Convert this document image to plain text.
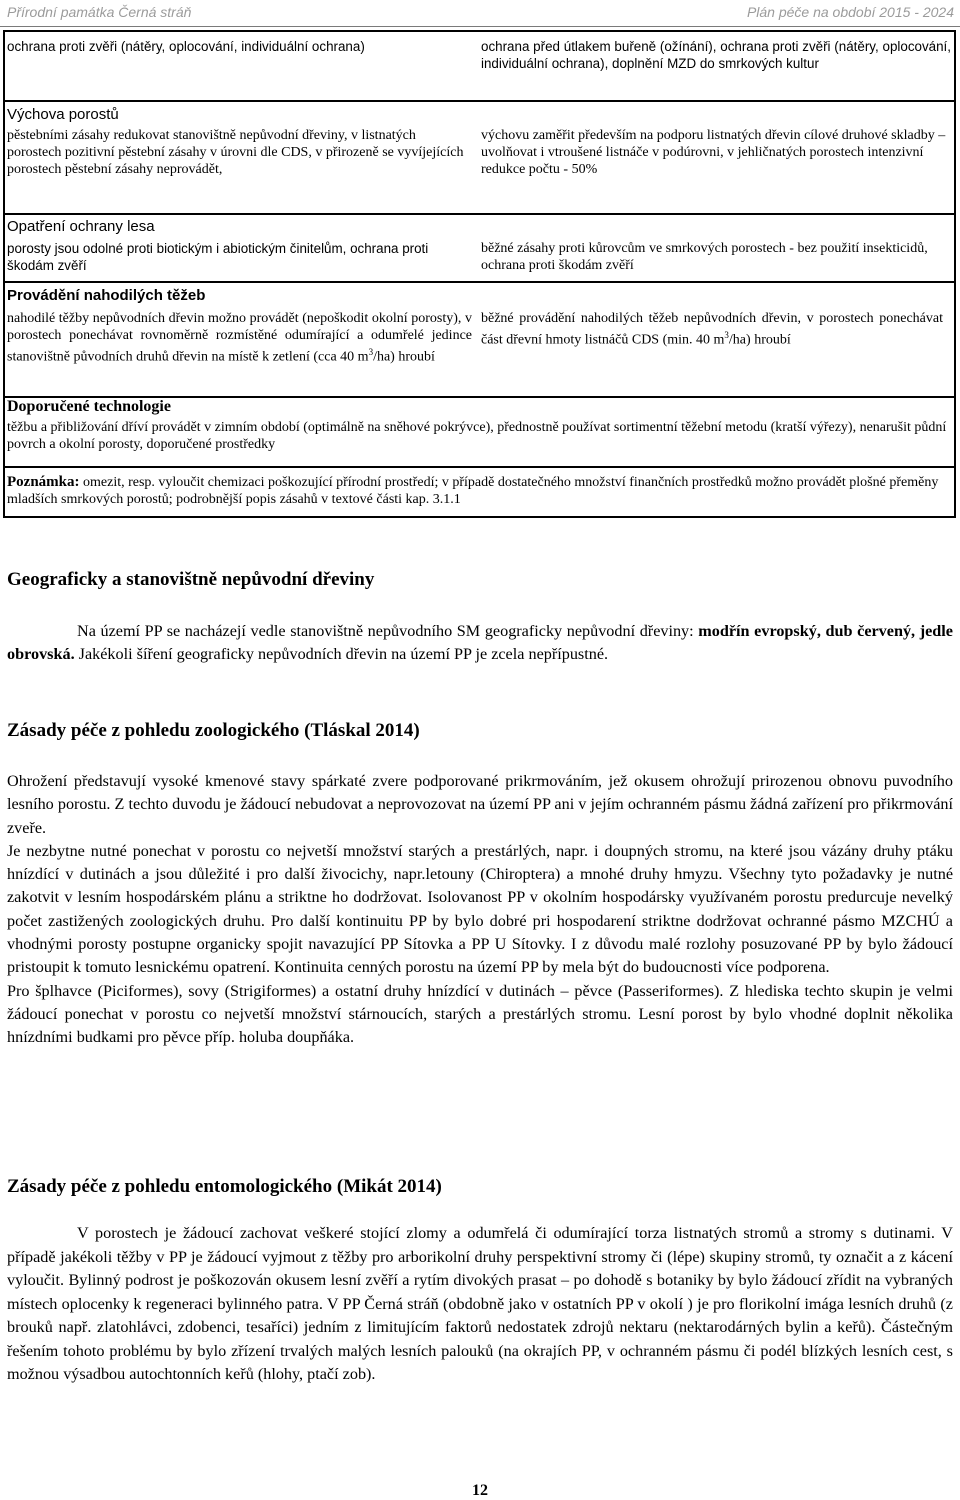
Přírodní památka Černá stráň	Plán péče na období 2015 - 2024
ochrana proti zvěři (nátěry, oplocování, individuální ochrana)	ochrana před útlakem buřeně (ožínání), ochrana proti zvěři (nátěry, oplocování, individuální ochrana), doplnění MZD do smrkových kultur
Výchova porostů
pěstebními zásahy redukovat stanovištně nepůvodní dřeviny, v listnatých porostech pozitivní pěstební zásahy v úrovni dle CDS, v přirozeně se vyvíjejících porostech pěstební zásahy neprovádět,
výchovu zaměřit především na podporu listnatých dřevin cílové druhové skladby – uvolňovat i vtroušené listnáče v podúrovni, v jehličnatých porostech intenzivní redukce počtu - 50%
Opatření ochrany lesa
porosty jsou odolné proti biotickým i abiotickým činitelům, ochrana proti škodám zvěří
běžné zásahy proti kůrovcům ve smrkových porostech - bez použití insekticidů, ochrana proti škodám zvěří
Provádění nahodilých těžeb
nahodilé těžby nepůvodních dřevin možno provádět (nepoškodit okolní porosty), v porostech ponechávat rovnoměrně rozmístěné odumírající a odumřelé jedince stanovištně původních druhů dřevin na místě k zetlení (cca 40 $m^3/ha$) hroubí
běžné provádění nahodilých těžeb nepůvodních dřevin, v porostech ponechávat část dřevní hmoty listnáčů CDS (min. 40 $m^3/ha$) hroubí
Doporučené technologie
těžbu a přibližování dříví provádět v zimním období (optimálně na sněhové pokrývce), přednostně používat sortimentní těžební metodu (kratší výřezy), nenarušit půdní povrch a okolní porosty, doporučené prostředky
Poznámka: omezit, resp. vyloučit chemizaci poškozující přírodní prostředí; v případě dostatečného množství finančních prostředků možno provádět plošné přeměny mladších smrkových porostů; podrobnější popis zásahů v textové části kap. 3.1.1
Geograficky a stanovištně nepůvodní dřeviny

Na území PP se nacházejí vedle stanovištně nepůvodního SM geograficky nepůvodní dřeviny: modřín evropský, dub červený, jedle obrovská. Jakékoli šíření geograficky nepůvodních dřevin na území PP je zcela nepřípustné.

Zásady péče z pohledu zoologického (Tláskal 2014)

Ohrožení představují vysoké kmenové stavy spárkaté zvere podporované prikrmováním, jež okusem ohrožují prirozenou obnovu puvodního lesního porostu. Z techto duvodu je žádoucí nebudovat a neprovozovat na území PP ani v jejím ochranném pásmu žádná zařízení pro přikrmování zveře.

Je nezbytne nutné ponechat v porostu co nejvetší množství starých a prestárlých, napr. i doupných stromu, na které jsou vázány druhy ptáku hnízdící v dutinách a jsou důležité i pro další živocichy, napr.letouny (Chiroptera) a mnohé druhy hmyzu. Všechny tyto požadavky je nutné zakotvit v lesním hospodárském plánu a striktne ho dodržovat. Isolovanost PP v okolním hospodársky využívaném porostu predurcuje nevelký počet zastižených zoologických druhu. Pro další kontinuitu PP by bylo dobré pri hospodarení striktne dodržovat ochranné pásmo MZCHÚ a vhodnými porosty postupne organicky spojit navazující PP Sítovka a PP U Sítovky. I z důvodu malé rozlohy posuzované PP by bylo žádoucí pristoupit k tomuto lesnickému opatrení. Kontinuita cenných porostu na území PP by mela být do budoucnosti více podporena.

Pro šplhavce (Piciformes), sovy (Strigiformes) a ostatní druhy hnízdící v dutinách – pěvce (Passeriformes). Z hlediska techto skupin je velmi žádoucí ponechat v porostu co nejvetší množství stárnoucích, starých a prestárlých stromu. Lesní porost by bylo vhodné doplnit několika hnízdními budkami pro pěvce příp. holuba doupňáka.

Zásady péče z pohledu entomologického (Mikát 2014)

V porostech je žádoucí zachovat veškeré stojící zlomy a odumřelá či odumírající torza listnatých stromů a stromy s dutinami. V případě jakékoli těžby v PP je žádoucí vyjmout z těžby pro arborikolní druhy perspektivní stromy či (lépe) skupiny stromů, ty označit a z kácení vyloučit. Bylinný podrost je poškozován okusem lesní zvěří a rytím divokých prasat – po dohodě s botaniky by bylo žádoucí zřídit na vybraných místech oplocenky k regeneraci bylinného patra. V PP Černá stráň (obdobně jako v ostatních PP v okolí ) je pro florikolní imága lesních druhů (z brouků např. zlatohlávci, zdobenci, tesaříci) jedním z limitujícím faktorů nedostatek zdrojů nektaru (nektarodárných bylin a keřů). Částečným řešením tohoto problému by bylo zřízení trvalých malých lesních palouků (na okrajích PP, v ochranném pásmu či podél blízkých lesních cest, s možnou výsadbou autochtonních keřů (hlohy, ptačí zob).

12
